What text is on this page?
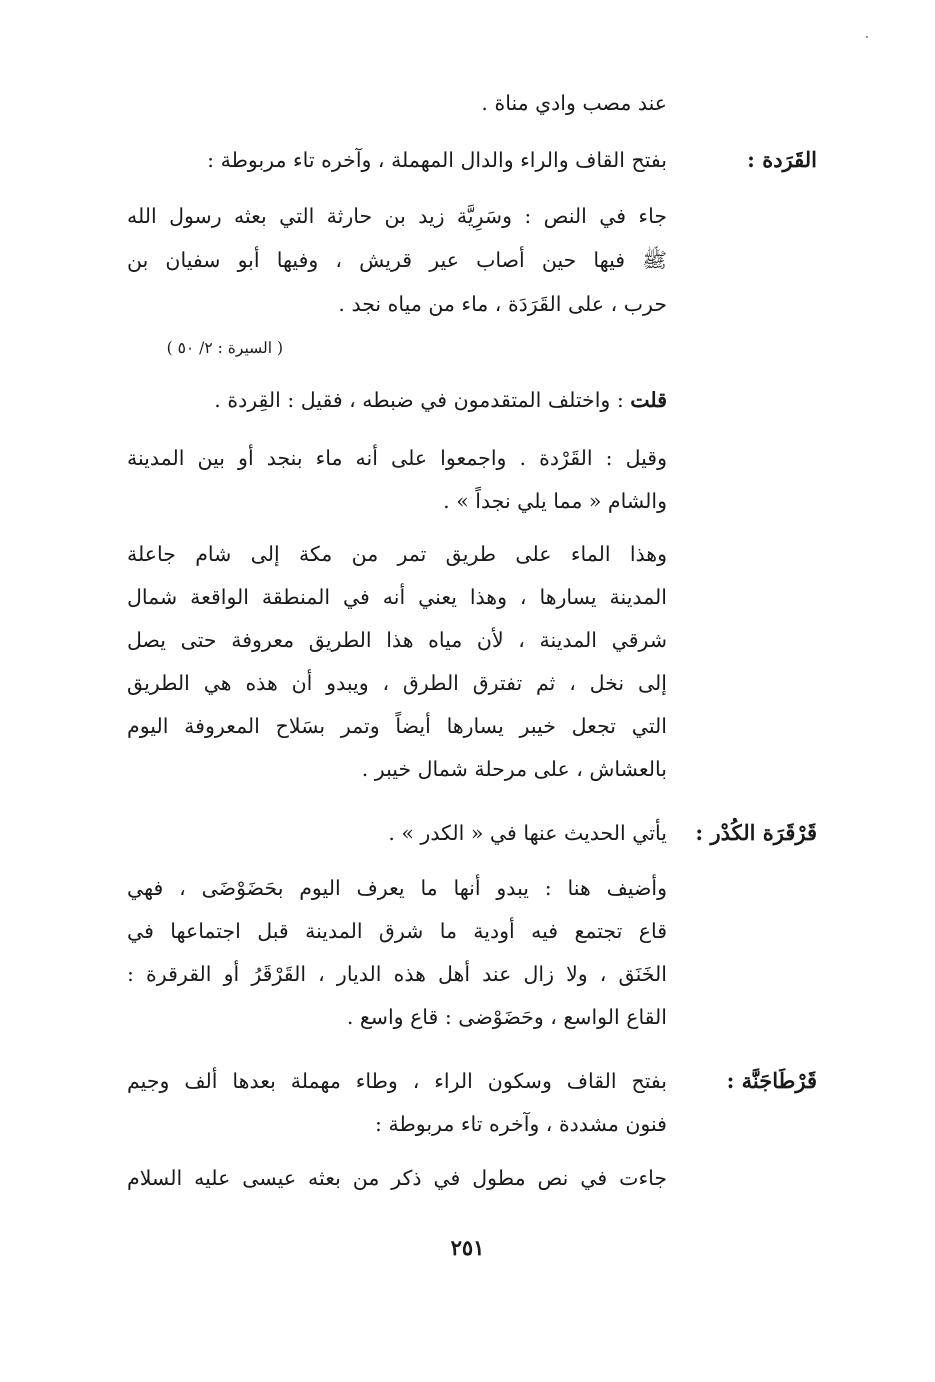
عند مصب وادي مناة .
القَرَدة :
بفتح القاف والراء والدال المهملة ، وآخره تاء مربوطة :
جاء في النص : وسَرِيَّة زيد بن حارثة التي بعثه رسول الله
ﷺ فيها حين أصاب عير قريش ، وفيها أبو سفيان بن
حرب ، على القَرَدَة ، ماء من مياه نجد .
( السيرة : ٢/ ٥٠ )
قلت : واختلف المتقدمون في ضبطه ، فقيل : القِردة .
وقيل : القَرْدة . واجمعوا على أنه ماء بنجد أو بين المدينة
والشام « مما يلي نجداً » .
وهذا الماء على طريق تمر من مكة إلى شام جاعلة
المدينة يسارها ، وهذا يعني أنه في المنطقة الواقعة شمال
شرقي المدينة ، لأن مياه هذا الطريق معروفة حتى يصل
إلى نخل ، ثم تفترق الطرق ، ويبدو أن هذه هي الطريق
التي تجعل خيبر يسارها أيضاً وتمر بسَلاح المعروفة اليوم
بالعشاش ، على مرحلة شمال خيبر .
قَرْقَرَة الكُدْر :
يأتي الحديث عنها في « الكدر » .
وأضيف هنا : يبدو أنها ما يعرف اليوم بحَضَوْضَى ، فهي
قاع تجتمع فيه أودية ما شرق المدينة قبل اجتماعها في
الخَنَق ، ولا زال عند أهل هذه الديار ، القَرْقَرُ أو القرقرة :
القاع الواسع ، وحَضَوْضى : قاع واسع .
قَرْطَاجَنَّة :
بفتح القاف وسكون الراء ، وطاء مهملة بعدها ألف وجيم
فنون مشددة ، وآخره تاء مربوطة :
جاءت في نص مطول في ذكر من بعثه عيسى عليه السلام
٢٥١
